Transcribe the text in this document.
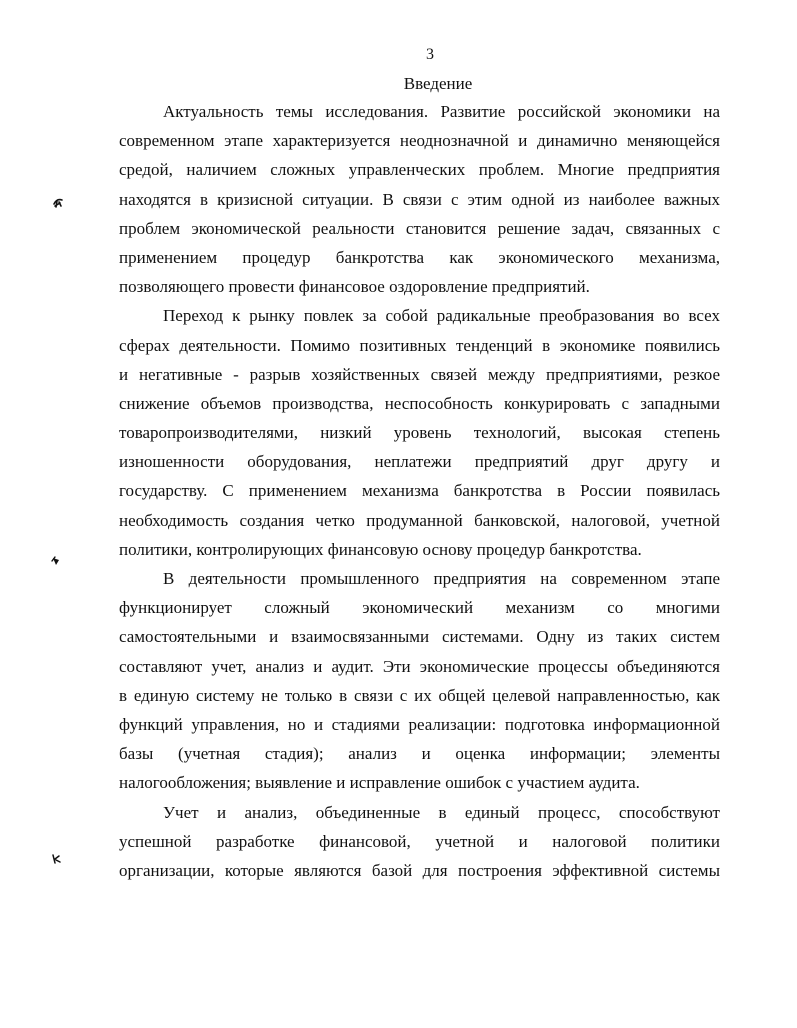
3
Введение
Актуальность темы исследования. Развитие российской экономики на
современном этапе характеризуется неоднозначной и динамично меняющейся
средой, наличием сложных управленческих проблем. Многие предприятия
находятся в кризисной ситуации. В связи с этим одной из наиболее важных
проблем экономической реальности становится решение задач, связанных с
применением процедур банкротства как экономического механизма,
позволяющего провести финансовое оздоровление предприятий.
Переход к рынку повлек за собой радикальные преобразования во всех
сферах деятельности. Помимо позитивных тенденций в экономике появились
и негативные - разрыв хозяйственных связей между предприятиями, резкое
снижение объемов производства, неспособность конкурировать с западными
товаропроизводителями, низкий уровень технологий, высокая степень
изношенности оборудования, неплатежи предприятий друг другу и
государству. С применением механизма банкротства в России появилась
необходимость создания четко продуманной банковской, налоговой, учетной
политики, контролирующих финансовую основу процедур банкротства.
В деятельности промышленного предприятия на современном этапе
функционирует сложный экономический механизм со многими
самостоятельными и взаимосвязанными системами. Одну из таких систем
составляют учет, анализ и аудит. Эти экономические процессы объединяются
в единую систему не только в связи с их общей целевой направленностью, как
функций управления, но и стадиями реализации: подготовка информационной
базы (учетная стадия); анализ и оценка информации; элементы
налогообложения; выявление и исправление ошибок с участием аудита.
Учет и анализ, объединенные в единый процесс, способствуют
успешной разработке финансовой, учетной и налоговой политики
организации, которые являются базой для построения эффективной системы
